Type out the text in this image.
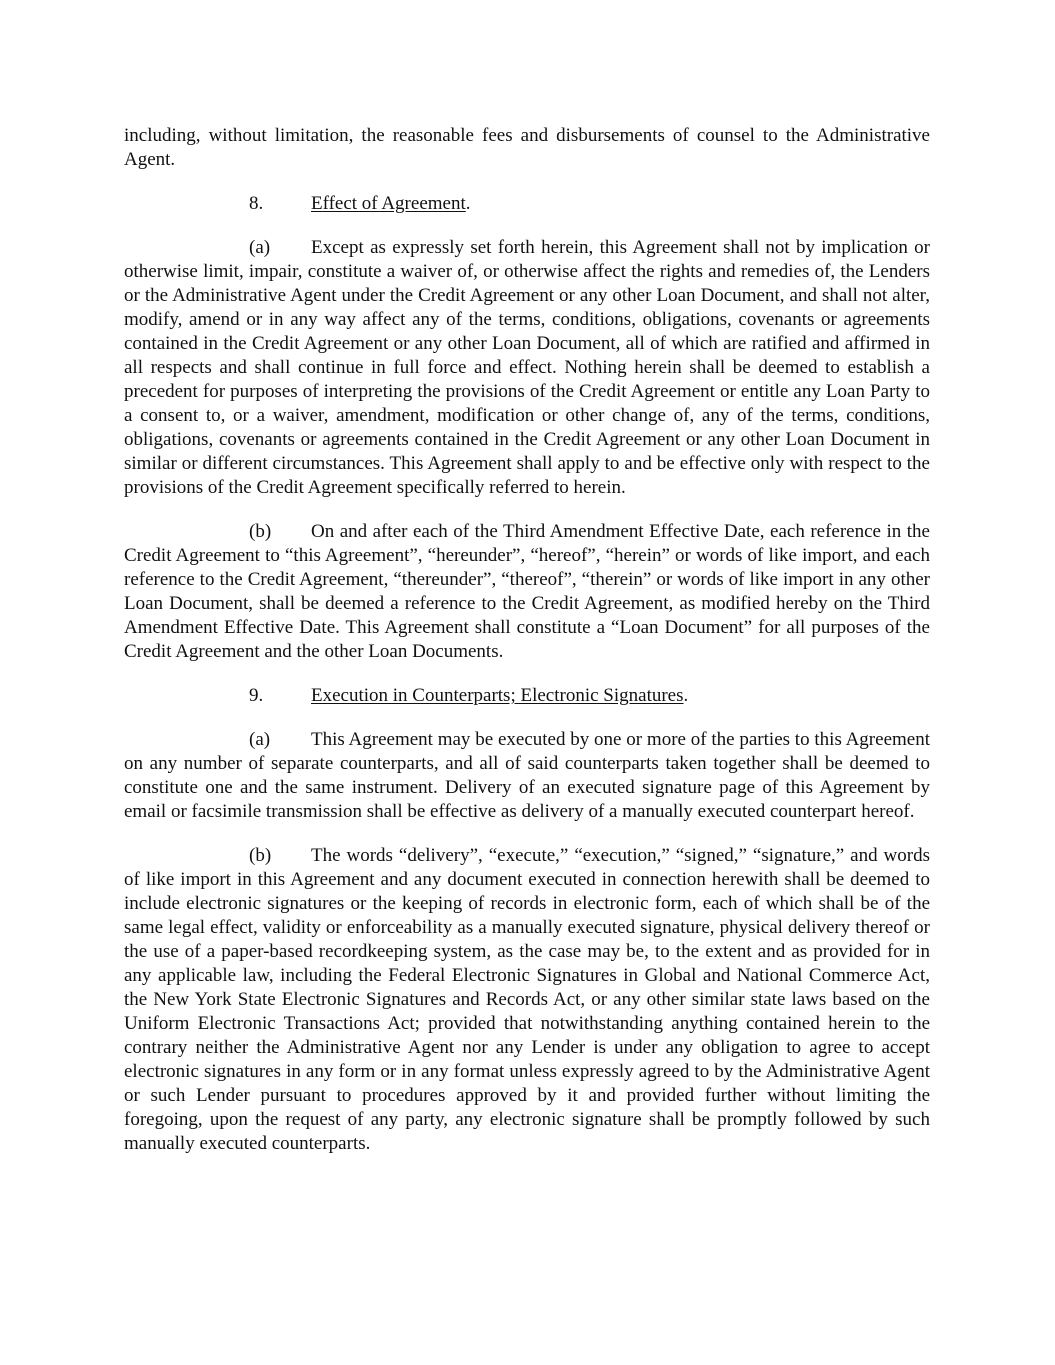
including, without limitation, the reasonable fees and disbursements of counsel to the Administrative Agent.

8.	Effect of Agreement.

(a) Except as expressly set forth herein, this Agreement shall not by implication or otherwise limit, impair, constitute a waiver of, or otherwise affect the rights and remedies of, the Lenders or the Administrative Agent under the Credit Agreement or any other Loan Document, and shall not alter, modify, amend or in any way affect any of the terms, conditions, obligations, covenants or agreements contained in the Credit Agreement or any other Loan Document, all of which are ratified and affirmed in all respects and shall continue in full force and effect. Nothing herein shall be deemed to establish a precedent for purposes of interpreting the provisions of the Credit Agreement or entitle any Loan Party to a consent to, or a waiver, amendment, modification or other change of, any of the terms, conditions, obligations, covenants or agreements contained in the Credit Agreement or any other Loan Document in similar or different circumstances. This Agreement shall apply to and be effective only with respect to the provisions of the Credit Agreement specifically referred to herein.

(b) On and after each of the Third Amendment Effective Date, each reference in the Credit Agreement to “this Agreement”, “hereunder”, “hereof”, “herein” or words of like import, and each reference to the Credit Agreement, “thereunder”, “thereof”, “therein” or words of like import in any other Loan Document, shall be deemed a reference to the Credit Agreement, as modified hereby on the Third Amendment Effective Date. This Agreement shall constitute a “Loan Document” for all purposes of the Credit Agreement and the other Loan Documents.

9.	Execution in Counterparts; Electronic Signatures.

(a) This Agreement may be executed by one or more of the parties to this Agreement on any number of separate counterparts, and all of said counterparts taken together shall be deemed to constitute one and the same instrument. Delivery of an executed signature page of this Agreement by email or facsimile transmission shall be effective as delivery of a manually executed counterpart hereof.

(b) The words “delivery”, “execute,” “execution,” “signed,” “signature,” and words of like import in this Agreement and any document executed in connection herewith shall be deemed to include electronic signatures or the keeping of records in electronic form, each of which shall be of the same legal effect, validity or enforceability as a manually executed signature, physical delivery thereof or the use of a paper-based recordkeeping system, as the case may be, to the extent and as provided for in any applicable law, including the Federal Electronic Signatures in Global and National Commerce Act, the New York State Electronic Signatures and Records Act, or any other similar state laws based on the Uniform Electronic Transactions Act; provided that notwithstanding anything contained herein to the contrary neither the Administrative Agent nor any Lender is under any obligation to agree to accept electronic signatures in any form or in any format unless expressly agreed to by the Administrative Agent or such Lender pursuant to procedures approved by it and provided further without limiting the foregoing, upon the request of any party, any electronic signature shall be promptly followed by such manually executed counterparts.
